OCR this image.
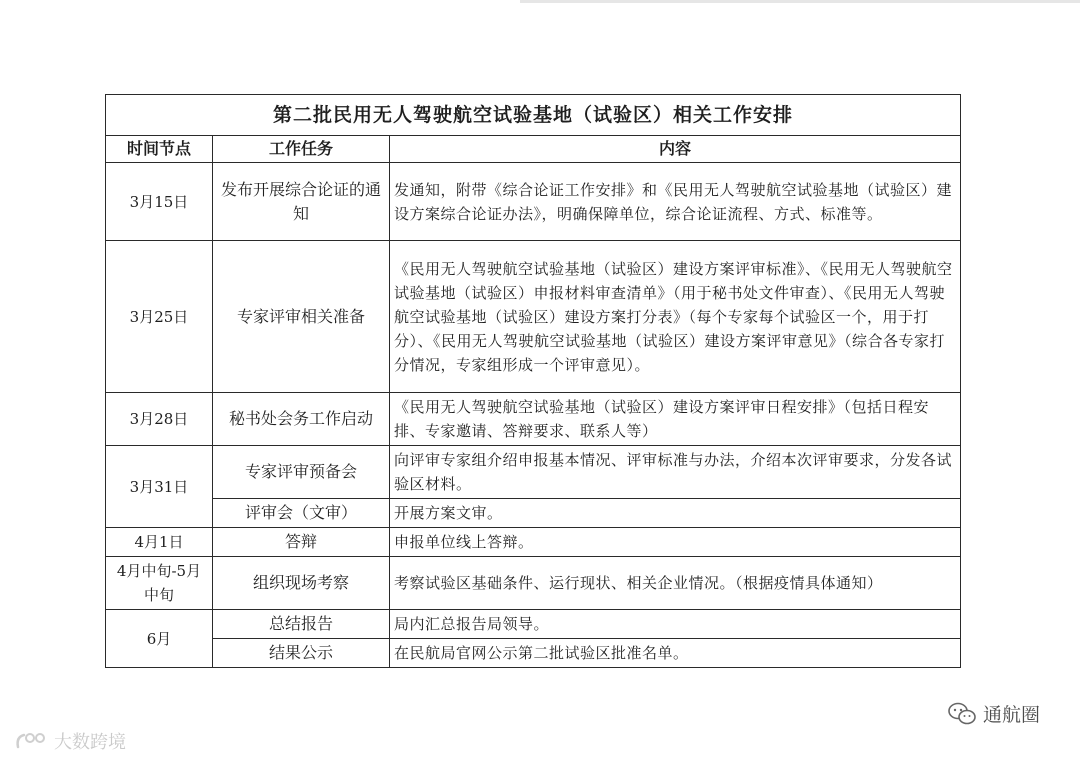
第二批民用无人驾驶航空试验基地（试验区）相关工作安排		
时间节点	工作任务	内容
3月15日	发布开展综合论证的通知	发通知，附带《综合论证工作安排》和《民用无人驾驶航空试验基地（试验区）建设方案综合论证办法》，明确保障单位，综合论证流程、方式、标准等。
3月25日	专家评审相关准备	《民用无人驾驶航空试验基地（试验区）建设方案评审标准》、《民用无人驾驶航空试验基地（试验区）申报材料审查清单》（用于秘书处文件审查）、《民用无人驾驶航空试验基地（试验区）建设方案打分表》（每个专家每个试验区一个，用于打分）、《民用无人驾驶航空试验基地（试验区）建设方案评审意见》（综合各专家打分情况，专家组形成一个评审意见）。
3月28日	秘书处会务工作启动	《民用无人驾驶航空试验基地（试验区）建设方案评审日程安排》（包括日程安排、专家邀请、答辩要求、联系人等）
3月31日	专家评审预备会	向评审专家组介绍申报基本情况、评审标准与办法，介绍本次评审要求，分发各试验区材料。
	评审会（文审）	开展方案文审。
4月1日	答辩	申报单位线上答辩。
4月中旬-5月中旬	组织现场考察	考察试验区基础条件、运行现状、相关企业情况。（根据疫情具体通知）
6月	总结报告	局内汇总报告局领导。
	结果公示	在民航局官网公示第二批试验区批准名单。
大数跨境
通航圈
